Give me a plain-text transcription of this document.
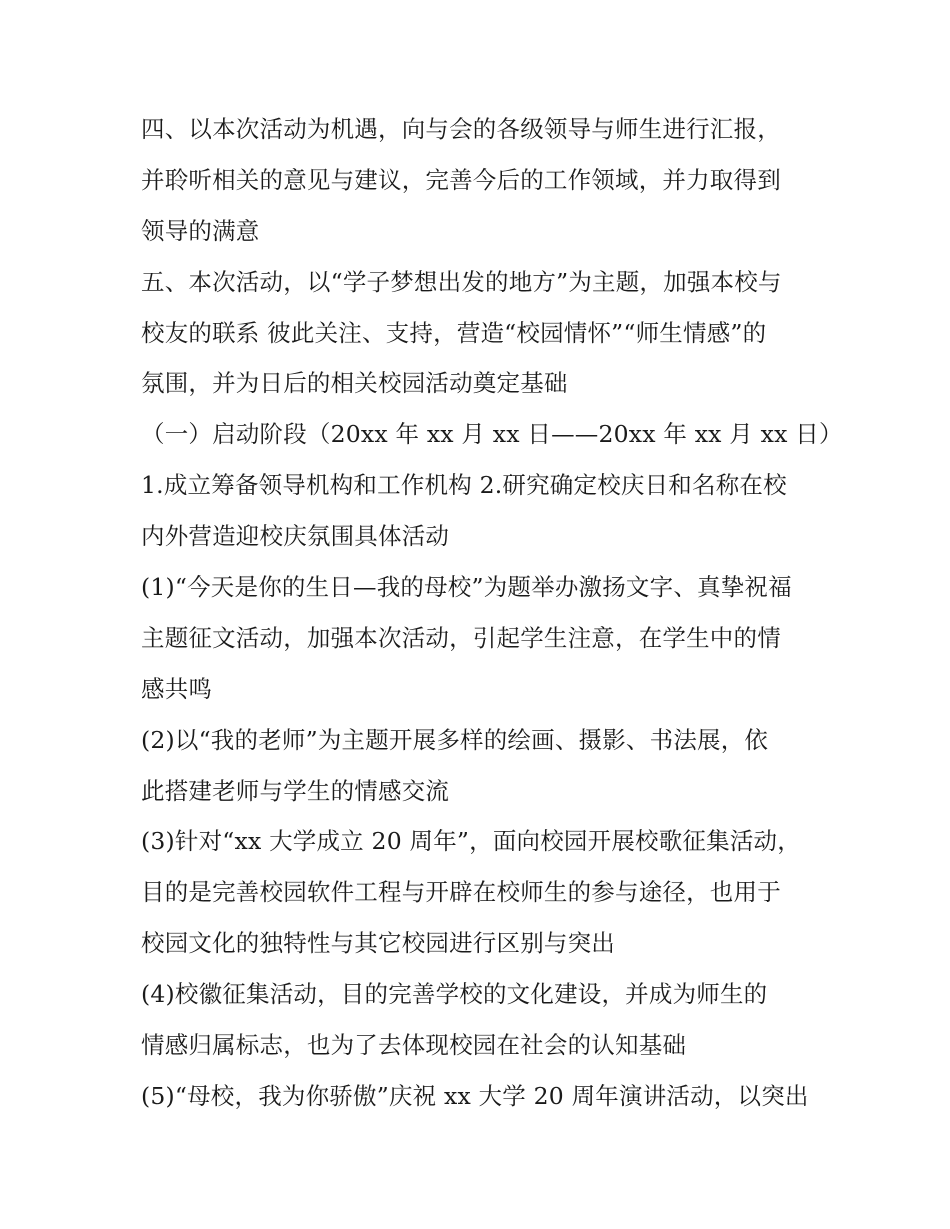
四、以本次活动为机遇，向与会的各级领导与师生进行汇报，
并聆听相关的意见与建议，完善今后的工作领域，并力取得到
领导的满意
五、本次活动，以“学子梦想出发的地方”为主题，加强本校与
校友的联系 彼此关注、支持，营造“校园情怀”“师生情感”的
氛围，并为日后的相关校园活动奠定基础
（一）启动阶段（20xx 年 xx 月 xx 日——20xx 年 xx 月 xx 日）
1.成立筹备领导机构和工作机构 2.研究确定校庆日和名称在校
内外营造迎校庆氛围具体活动
(1)“今天是你的生日—我的母校”为题举办激扬文字、真挚祝福
主题征文活动，加强本次活动，引起学生注意，在学生中的情
感共鸣
(2)以“我的老师”为主题开展多样的绘画、摄影、书法展，依
此搭建老师与学生的情感交流
(3)针对“xx 大学成立 20 周年”，面向校园开展校歌征集活动，
目的是完善校园软件工程与开辟在校师生的参与途径，也用于
校园文化的独特性与其它校园进行区别与突出
(4)校徽征集活动，目的完善学校的文化建设，并成为师生的
情感归属标志，也为了去体现校园在社会的认知基础
(5)“母校，我为你骄傲”庆祝 xx 大学 20 周年演讲活动，以突出
